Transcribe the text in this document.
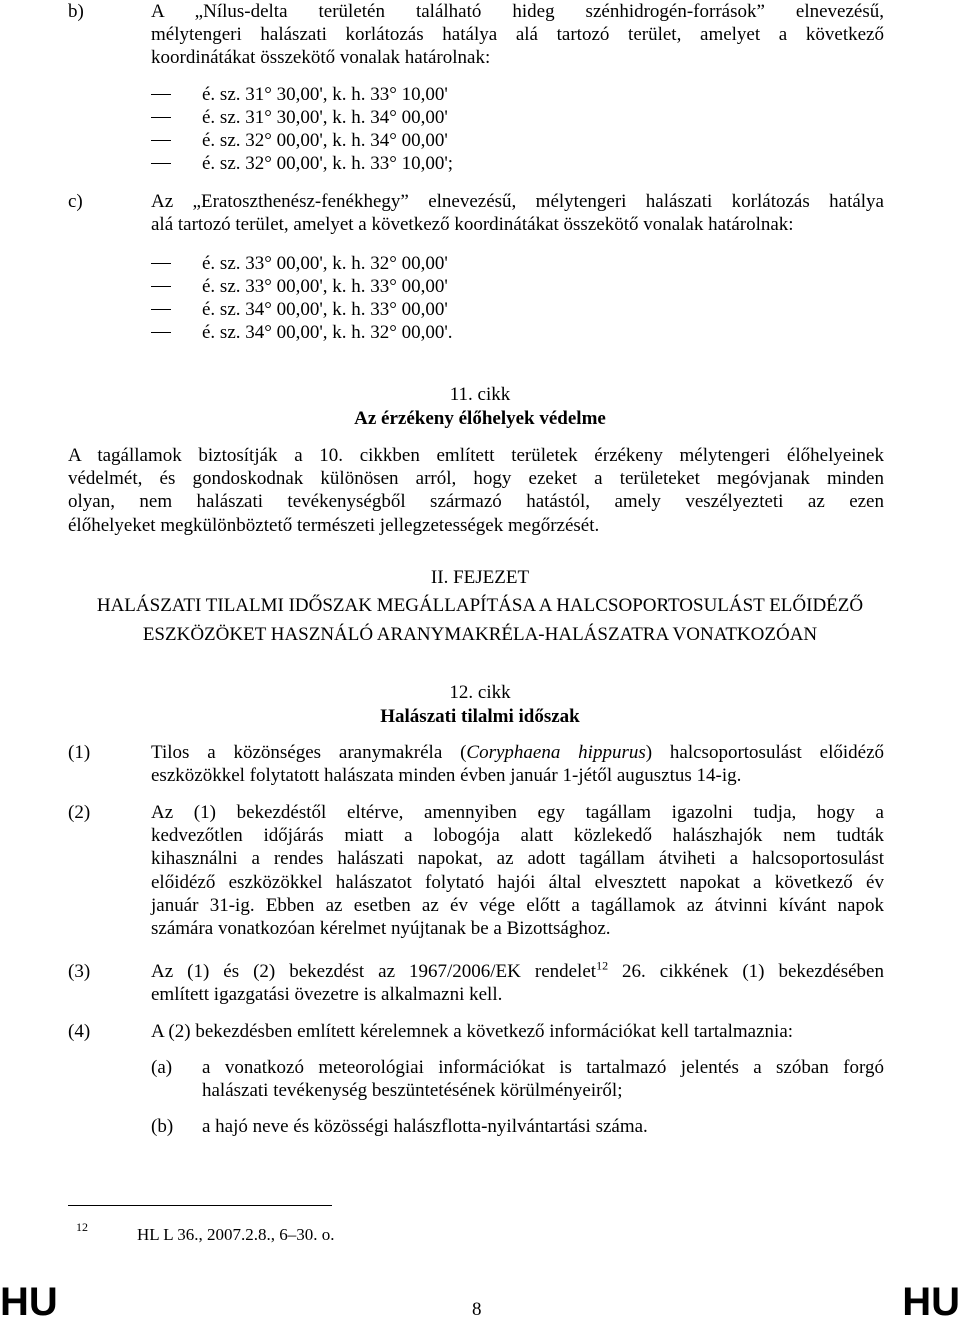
b)	A „Nílus-delta területén található hideg szénhidrogén-források” elnevezésű,
mélytengeri halászati korlátozás hatálya alá tartozó terület, amelyet a következő
koordinátákat összekötő vonalak határolnak:
é. sz. 31° 30,00', k. h. 33° 10,00'
é. sz. 31° 30,00', k. h. 34° 00,00'
é. sz. 32° 00,00', k. h. 34° 00,00'
é. sz. 32° 00,00', k. h. 33° 10,00';
c)	Az „Eratoszthenész-fenékhegy” elnevezésű, mélytengeri halászati korlátozás hatálya
alá tartozó terület, amelyet a következő koordinátákat összekötő vonalak határolnak:
é. sz. 33° 00,00', k. h. 32° 00,00'
é. sz. 33° 00,00', k. h. 33° 00,00'
é. sz. 34° 00,00', k. h. 33° 00,00'
é. sz. 34° 00,00', k. h. 32° 00,00'.
11. cikk
Az érzékeny élőhelyek védelme
A tagállamok biztosítják a 10. cikkben említett területek érzékeny mélytengeri élőhelyeinek
védelmét, és gondoskodnak különösen arról, hogy ezeket a területeket megóvjanak minden
olyan, nem halászati tevékenységből származó hatástól, amely veszélyezteti az ezen
élőhelyeket megkülönböztető természeti jellegzetességek megőrzését.
II. FEJEZET
HALÁSZATI TILALMI IDŐSZAK MEGÁLLAPÍTÁSA A HALCSOPORTOSULÁST ELŐIDÉZŐ
ESZKÖZÖKET HASZNÁLÓ ARANYMAKRÉLA-HALÁSZATRA VONATKOZÓAN
12. cikk
Halászati tilalmi időszak
(1)	Tilos a közönséges aranymakréla (Coryphaena hippurus) halcsoportosulást előidéző
eszközökkel folytatott halászata minden évben január 1-jétől augusztus 14-ig.
(2)	Az (1) bekezdéstől eltérve, amennyiben egy tagállam igazolni tudja, hogy a
kedvezőtlen időjárás miatt a lobogója alatt közlekedő halászhajók nem tudták
kihasználni a rendes halászati napokat, az adott tagállam átviheti a halcsoportosulást
előidéző eszközökkel halászatot folytató hajói által elvesztett napokat a következő év
január 31-ig. Ebben az esetben az év vége előtt a tagállamok az átvinni kívánt napok
számára vonatkozóan kérelmet nyújtanak be a Bizottsághoz.
(3)	Az (1) és (2) bekezdést az 1967/2006/EK rendelet$^{12}$ 26. cikkének (1) bekezdésében
említett igazgatási övezetre is alkalmazni kell.
(4)	A (2) bekezdésben említett kérelemnek a következő információkat kell tartalmaznia:
(a) a vonatkozó meteorológiai információkat is tartalmazó jelentés a szóban forgó
halászati tevékenység beszüntetésének körülményeiről;
(b) a hajó neve és közösségi halászflotta-nyilvántartási száma.
12	HL L 36., 2007.2.8., 6–30. o.
HU	8	HU
